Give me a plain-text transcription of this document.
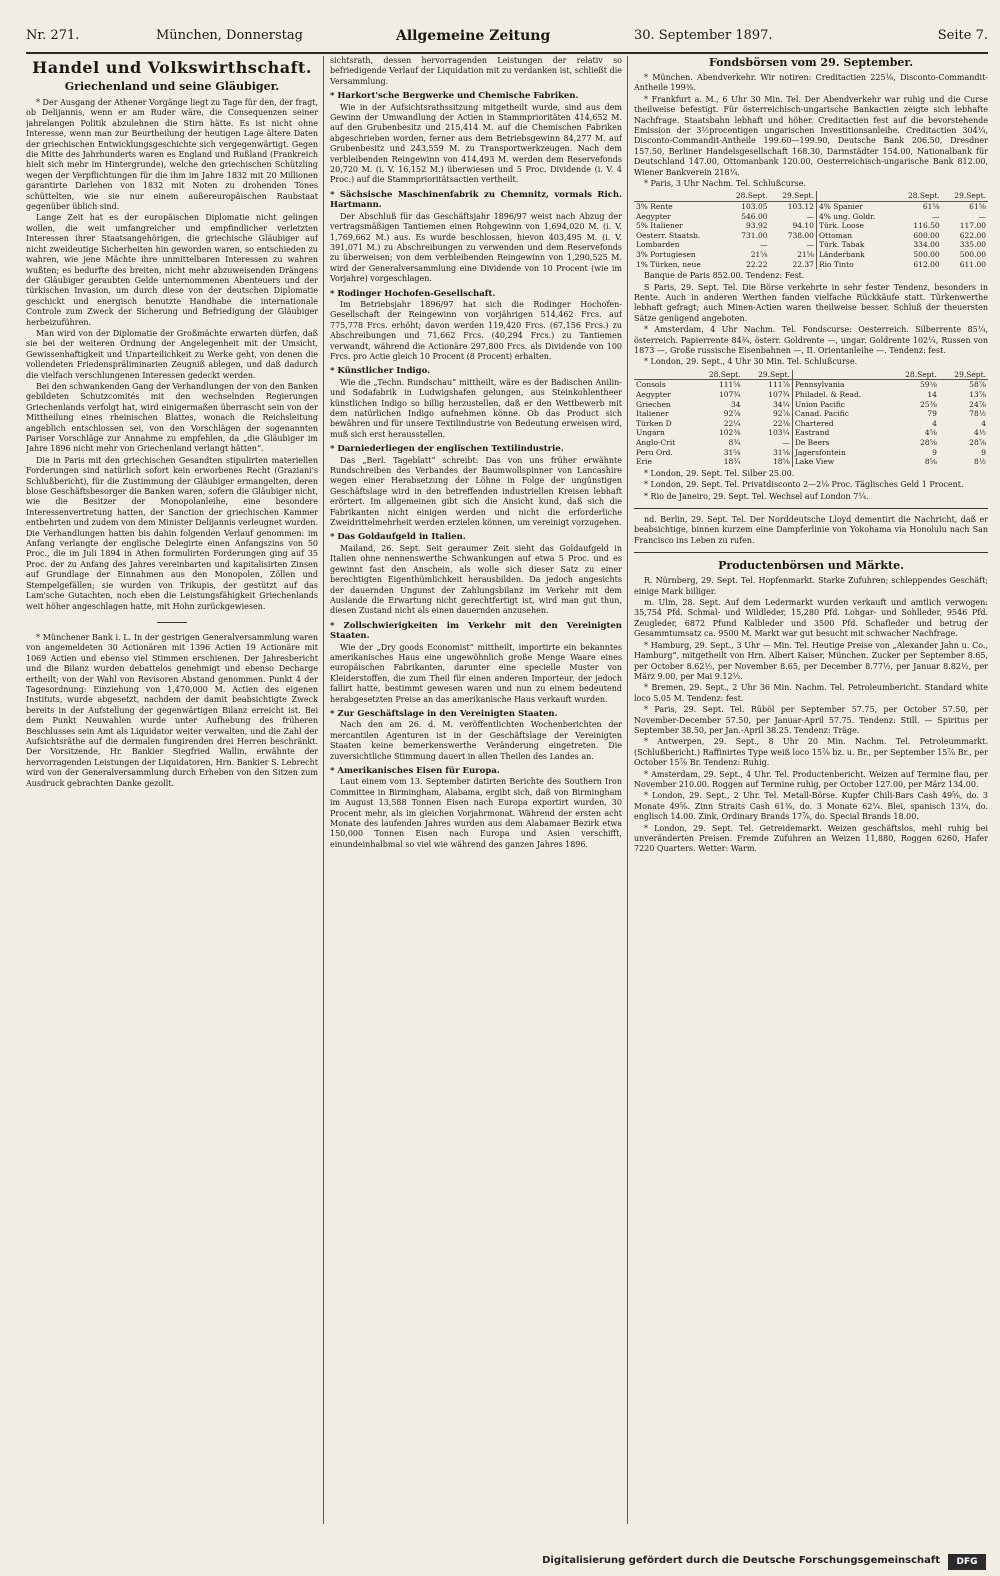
Nr. 271.	München, Donnerstag	Allgemeine Zeitung	30. September 1897.	Seite 7.
Handel und Volkswirthschaft.
Griechenland und seine Gläubiger.

* Der Ausgang der Athener Vorgänge liegt zu Tage für den, der fragt, ob Delijannis, wenn er am Ruder wäre, die Consequenzen seiner jahrelangen Politik abzulehnen die Stirn hätte. Es ist nicht ohne Interesse, wenn man zur Beurtheilung der heutigen Lage ältere Daten der griechischen Entwicklungsgeschichte sich vergegenwärtigt. Gegen die Mitte des Jahrhunderts waren es England und Rußland (Frankreich hielt sich mehr im Hintergrunde), welche den griechischen Schützling wegen der Verpflichtungen für die ihm im Jahre 1832 mit 20 Millionen garantirte Darlehen von 1832 mit Noten zu drohenden Tones schüttelten, wie sie nur einem außereuropäischen Raubstaat gegenüber üblich sind.

Lange Zeit hat es der europäischen Diplomatie nicht gelingen wollen, die weit umfangreicher und empfindlicher verletzten Interessen ihrer Staatsangehörigen, die griechische Gläubiger auf nicht zweideutige Sicherheiten hin geworden waren, so entschieden zu wahren, wie jene Mächte ihre unmittelbaren Interessen zu wahren wußten; es bedurfte des breiten, nicht mehr abzuweisenden Drängens der Gläubiger geraubten Gelde unternommenen Abenteuers und der türkischen Invasion, um durch diese von der deutschen Diplomatie geschickt und energisch benutzte Handhabe die internationale Controle zum Zweck der Sicherung und Befriedigung der Gläubiger herbeizuführen.

Man wird von der Diplomatie der Großmächte erwarten dürfen, daß sie bei der weiteren Ordnung der Angelegenheit mit der Umsicht, Gewissenhaftigkeit und Unparteilichkeit zu Werke geht, von denen die vollendeten Friedenspräliminarien Zeugniß ablegen, und daß dadurch die vielfach verschlungenen Interessen gedeckt werden.

Bei den schwankenden Gang der Verhandlungen der von den Banken gebildeten Schutzcomités mit den wechselnden Regierungen Griechenlands verfolgt hat, wird einigermaßen überrascht sein von der Mittheilung eines rheinischen Blattes, wonach die Reichsleitung angeblich entschlossen sei, von den Vorschlägen der sogenannten Pariser Vorschläge zur Annahme zu empfehlen, da „die Gläubiger im Jahre 1896 nicht mehr von Griechenland verlangt hätten“.

Die in Paris mit den griechischen Gesandten stipulirten materiellen Forderungen sind natürlich sofort kein erworbenes Recht (Graziani's Schlußbericht), für die Zustimmung der Gläubiger ermangelten, deren blose Geschäftsbesorger die Banken waren, sofern die Gläubiger nicht, wie die Besitzer der Monopolanleihe, eine besondere Interessenvertretung hatten, der Sanction der griechischen Kammer entbehrten und zudem von dem Minister Delijannis verleugnet wurden. Die Verhandlungen hatten bis dahin folgenden Verlauf genommen: im Anfang verlangte der englische Delegirte einen Anfangszins von 50 Proc., die im Juli 1894 in Athen formulirten Forderungen ging auf 35 Proc. der zu Anfang des Jahres vereinbarten und kapitalisirten Zinsen auf Grundlage der Einnahmen aus den Monopolen, Zöllen und Stempelgefällen; sie wurden von Trikupis, der gestützt auf das Lam'sche Gutachten, noch eben die Leistungsfähigkeit Griechenlands weit höher angeschlagen hatte, mit Hohn zurückgewiesen.

* Münchener Bank i. L. In der gestrigen Generalversammlung waren von angemeldeten 30 Actionären mit 1396 Actien 19 Actionäre mit 1069 Actien und ebenso viel Stimmen erschienen. Der Jahresbericht und die Bilanz wurden debattelos genehmigt und ebenso Decharge ertheilt; von der Wahl von Revisoren Abstand genommen. Punkt 4 der Tagesordnung: Einziehung von 1,470,000 M. Actien des eigenen Instituts, wurde abgesetzt, nachdem der damit beabsichtigte Zweck bereits in der Aufstellung der gegenwärtigen Bilanz erreicht ist. Bei dem Punkt Neuwahlen wurde unter Aufhebung des früheren Beschlusses sein Amt als Liquidator weiter verwalten, und die Zahl der Aufsichtsräthe auf die dermalen fungirenden drei Herren beschränkt. Der Vorsitzende, Hr. Bankier Siegfried Wallin, erwähnte der hervorragenden Leistungen der Liquidatoren, Hrn. Bankier S. Lebrecht wird von der Generalversammlung durch Erheben von den Sitzen zum Ausdruck gebrachten Danke gezollt.

sichtsrath, dessen hervorragenden Leistungen der relativ so befriedigende Verlauf der Liquidation mit zu verdanken ist, schließt die Versammlung.

* Harkort'sche Bergwerke und Chemische Fabriken.

Wie in der Aufsichtsrathssitzung mitgetheilt wurde, sind aus dem Gewinn der Umwandlung der Actien in Stammprioritäten 414,652 M. auf den Grubenbesitz und 215,414 M. auf die Chemischen Fabriken abgeschrieben worden, ferner aus dem Betriebsgewinn 84,277 M. auf Grubenbesitz und 243,559 M. zu Transportwerkzeugen. Nach dem verbleibenden Reingewinn von 414,493 M. werden dem Reservefonds 20,720 M. (i. V. 16,152 M.) überwiesen und 5 Proc. Dividende (i. V. 4 Proc.) auf die Stammprioritätsactien vertheilt.

* Sächsische Maschinenfabrik zu Chemnitz, vormals Rich. Hartmann.

Der Abschluß für das Geschäftsjahr 1896/97 weist nach Abzug der vertragsmäßigen Tantiemen einen Rohgewinn von 1,694,020 M. (i. V. 1,769,662 M.) aus. Es wurde beschlossen, hievon 403,495 M. (i. V. 391,071 M.) zu Abschreibungen zu verwenden und dem Reservefonds zu überweisen; von dem verbleibenden Reingewinn von 1,290,525 M. wird der Generalversammlung eine Dividende von 10 Procent (wie im Vorjahre) vorgeschlagen.

* Rodinger Hochofen-Gesellschaft.

Im Betriebsjahr 1896/97 hat sich die Rodinger Hochofen-Gesellschaft der Reingewinn von vorjährigen 514,462 Frcs. auf 775,778 Frcs. erhöht; davon werden 119,420 Frcs. (67,156 Frcs.) zu Abschreibungen und 71,662 Frcs. (40,294 Frcs.) zu Tantiemen verwandt, während die Actionäre 297,800 Frcs. als Dividende von 100 Frcs. pro Actie gleich 10 Procent (8 Procent) erhalten.

* Künstlicher Indigo.

Wie die „Techn. Rundschau“ mittheilt, wäre es der Badischen Anilin- und Sodafabrik in Ludwigshafen gelungen, aus Steinkohlentheer künstlichen Indigo so billig herzustellen, daß er den Wettbewerb mit dem natürlichen Indigo aufnehmen könne. Ob das Product sich bewähren und für unsere Textilindustrie von Bedeutung erweisen wird, muß sich erst herausstellen.

* Darniederliegen der englischen Textilindustrie.

Das „Berl. Tageblatt“ schreibt: Das von uns früher erwähnte Rundschreiben des Verbandes der Baumwollspinner von Lancashire wegen einer Herabsetzung der Löhne in Folge der ungünstigen Geschäftslage wird in den betreffenden industriellen Kreisen lebhaft erörtert. Im allgemeinen gibt sich die Ansicht kund, daß sich die Fabrikanten nicht einigen werden und nicht die erforderliche Zweidrittelmehrheit werden erzielen können, um vereinigt vorzugehen.

* Das Goldaufgeld in Italien.

Mailand, 26. Sept. Seit geraumer Zeit sieht das Goldaufgeld in Italien ohne nennenswerthe Schwankungen auf etwa 5 Proc. und es gewinnt fast den Anschein, als wolle sich dieser Satz zu einer berechtigten Eigenthümlichkeit herausbilden. Da jedoch angesichts der dauernden Ungunst der Zahlungsbilanz im Verkehr mit dem Auslande die Erwartung nicht gerechtfertigt ist, wird man gut thun, diesen Zustand nicht als einen dauernden anzusehen.

* Zollschwierigkeiten im Verkehr mit den Vereinigten Staaten.

Wie der „Dry goods Economist“ mittheilt, importirte ein bekanntes amerikanisches Haus eine ungewöhnlich große Menge Waare eines europäischen Fabrikanten, darunter eine specielle Muster von Kleiderstoffen, die zum Theil für einen anderen Importeur, der jedoch fallirt hatte, bestimmt gewesen waren und nun zu einem bedeutend herabgesetzten Preise an das amerikanische Haus verkauft wurden.

* Zur Geschäftslage in den Vereinigten Staaten.

Nach den am 26. d. M. veröffentlichten Wochenberichten der mercantilen Agenturen ist in der Geschäftslage der Vereinigten Staaten keine bemerkenswerthe Veränderung eingetreten. Die zuversichtliche Stimmung dauert in allen Theilen des Landes an.

* Amerikanisches Eisen für Europa.

Laut einem vom 13. September datirten Berichte des Southern Iron Committee in Birmingham, Alabama, ergibt sich, daß von Birmingham im August 13,588 Tonnen Eisen nach Europa exportirt wurden, 30 Procent mehr, als im gleichen Vorjahrmonat. Während der ersten acht Monate des laufenden Jahres wurden aus dem Alabamaer Bezirk etwa 150,000 Tonnen Eisen nach Europa und Asien verschifft, einundeinhalbmal so viel wie während des ganzen Jahres 1896.

Fondsbörsen vom 29. September.

* München. Abendverkehr. Wir notiren: Creditactien 225⅛, Disconto-Commandit-Antheile 199⅜.

* Frankfurt a. M., 6 Uhr 30 Min. Tel. Der Abendverkehr war ruhig und die Curse theilweise befestigt. Für österreichisch-ungarische Bankactien zeigte sich lebhafte Nachfrage. Staatsbahn lebhaft und höher. Creditactien fest auf die bevorstehende Emission der 3½procentigen ungarischen Investitionsanleihe. Creditactien 304¼, Disconto-Commandit-Antheile 199.60—199.90, Deutsche Bank 206.50, Dresdner 157.50, Berliner Handelsgesellschaft 168.30, Darmstädter 154.00, Nationalbank für Deutschland 147.00, Ottomanbank 120.00, Oesterreichisch-ungarische Bank 812.00, Wiener Bankverein 218¼.

* Paris, 3 Uhr Nachm. Tel. Schlußcurse.

	28.Sept.	29.Sept.		28.Sept.	29.Sept.
3% Rente	103.05	103.12	4% Spanier	61⅝	61⅝
Aegypter	546.00	—	4% ung. Goldr.	—	—
5% Italiener	93.92	94.10	Türk. Loose	116.50	117.00
Oesterr. Staatsb.	731.00	738.00	Ottoman	600.00	622.00
Lombarden	—	—	Türk. Tabak	334.00	335.00
3% Portugiesen	21⅝	21⅝	Länderbank	500.00	500.00
1% Türken, neue	22.22	22.37	Rio Tinto	612.00	611.00

Banque de Paris 852.00. Tendenz: Fest.

S Paris, 29. Sept. Tel. Die Börse verkehrte in sehr fester Tendenz, besonders in Rente. Auch in anderen Werthen fanden vielfache Rückkäufe statt. Türkenwerthe lebhaft gefragt; auch Minen-Actien waren theilweise besser. Schluß der theuersten Sätze genügend angeboten.

* Amsterdam, 4 Uhr Nachm. Tel. Fondscurse: Oesterreich. Silberrente 85¼, österreich. Papierrente 84¾, österr. Goldrente —, ungar. Goldrente 102¼, Russen von 1873 —, Große russische Eisenbahnen —, II. Orientanleihe —. Tendenz: fest.

* London, 29. Sept., 4 Uhr 30 Min. Tel. Schlußcurse.

	28.Sept.	29.Sept.		28.Sept.	29.Sept.
Consols	111⅝	111⅞	Pennsylvania	59⅛	58⅞
Aegypter	107¾	107¾	Philadel. & Read.	14	13⅞
Griechen	34	34¼	Union Pacific	25⅜	24⅞
Italiener	92⅞	92⅞	Canad. Pacific	79	78½
Türken D	22¼	22⅜	Chartered	4	4
Ungarn	102⅜	103¼	Eastrand	4⅝	4½
Anglo-Crit	8¾	—	De Beers	28⅝	28⅞
Peru Ord.	31⅝	31⅝	Jagersfontein	9	9
Erie	18¾	18⅝	Lake View	8⅝	8½

* London, 29. Sept. Tel. Silber 25.00.

* London, 29. Sept. Tel. Privatdisconto 2—2⅛ Proc. Täglisches Geld 1 Procent.

* Rio de Janeiro, 29. Sept. Tel. Wechsel auf London 7¼.

nd. Berlin, 29. Sept. Tel. Der Norddeutsche Lloyd dementirt die Nachricht, daß er beabsichtige, binnen kurzem eine Dampferlinie von Yokohama via Honolulu nach San Francisco ins Leben zu rufen.

Productenbörsen und Märkte.

R. Nürnberg, 29. Sept. Tel. Hopfenmarkt. Starke Zufuhren; schleppendes Geschäft; einige Mark billiger.

m. Ulm, 28. Sept. Auf dem Ledermarkt wurden verkauft und amtlich verwogen: 35,754 Pfd. Schmal- und Wildleder, 15,280 Pfd. Lohgar- und Sohlleder, 9546 Pfd. Zeugleder, 6872 Pfund Kalbleder und 3500 Pfd. Schafleder und betrug der Gesammtumsatz ca. 9500 M. Markt war gut besucht mit schwacher Nachfrage.

* Hamburg, 29. Sept., 3 Uhr — Min. Tel. Heutige Preise von „Alexander Jahn u. Co., Hamburg“, mitgetheilt von Hrn. Albert Kaiser, München. Zucker per September 8.65, per October 8.62½, per November 8.65, per December 8.77½, per Januar 8.82½, per März 9.00, per Mai 9.12½.

* Bremen, 29. Sept., 2 Uhr 36 Min. Nachm. Tel. Petroleumbericht. Standard white loco 5.05 M. Tendenz: fest.

* Paris, 29. Sept. Tel. Rüböl per September 57.75, per October 57.50, per November-December 57.50, per Januar-April 57.75. Tendenz: Still. — Spiritus per September 38.50, per Jan.-April 38.25. Tendenz: Träge.

* Antwerpen, 29. Sept., 8 Uhr 20 Min. Nachm. Tel. Petroleummarkt. (Schlußbericht.) Raffinirtes Type weiß loco 15⅞ bz. u. Br., per September 15⅞ Br., per October 15⅞ Br. Tendenz: Ruhig.

* Amsterdam, 29. Sept., 4 Uhr. Tel. Productenbericht. Weizen auf Termine flau, per November 210.00. Roggen auf Termine ruhig, per October 127.00, per März 134.00.

* London, 29. Sept., 2 Uhr. Tel. Metall-Börse. Kupfer Chili-Bars Cash 49⅝, do. 3 Monate 49⅝. Zinn Straits Cash 61⅜, do. 3 Monate 62¼. Blei, spanisch 13¼, do. englisch 14.00. Zink, Ordinary Brands 17⅞, do. Special Brands 18.00.

* London, 29. Sept. Tel. Getreidemarkt. Weizen geschäftslos, mehl ruhig bei unveränderten Preisen. Fremde Zufuhren an Weizen 11,880, Roggen 6260, Hafer 7220 Quarters. Wetter: Warm.

Digitalisierung gefördert durch die Deutsche Forschungsgemeinschaft	DFG
